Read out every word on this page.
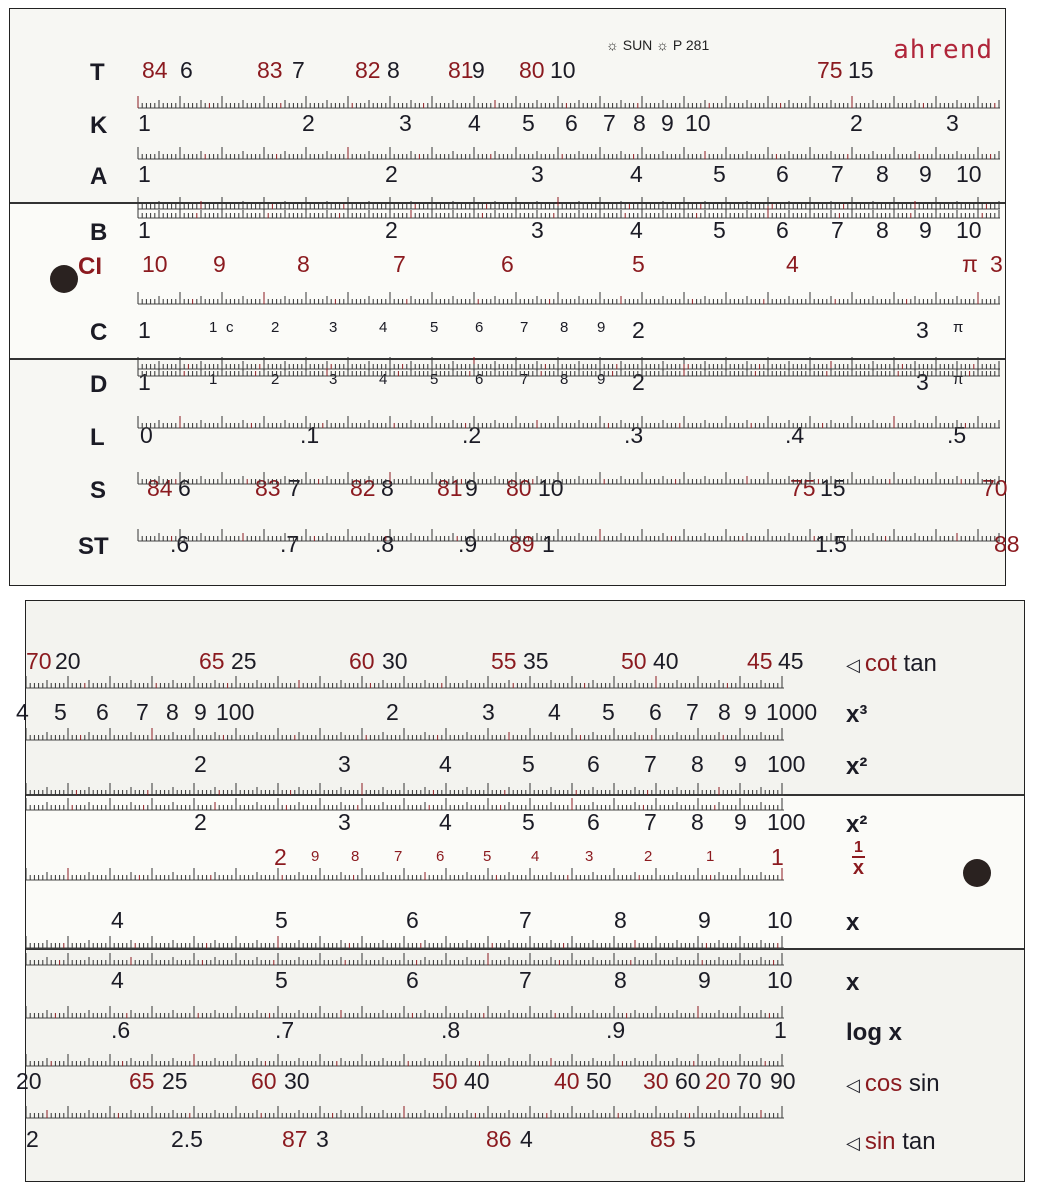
☼ SUN ☼ P 281	ahrend
T 84 6	83 7 82 8 81
9 80 10	75 15
K 1	2	3 4 5 6 7 8 9 10	2	3
A 1	2	3	4	5 6 7 8 9 10
B 1	2	3	4	5 6 7 8 9 10
CI 10 9	8	7	6	5	4	π 3
C 1	1 c	2	3	4	5 6 7 8 9 2	3 π
D 1	1	2	3	4	5 6 7 8 9 2	3 π
L 0	.1	.2	.3	.4	.5
S 84 6	83 7 82 8 81 9 80 10	75 15	70
ST	.6	.7	.8	.9 89 1	1.5	88
70 20	65 25	60 30	55 35	50 40	45 45 ◁ cot tan
4 5 6 7 8 9 100	2	3 4 5 6 7 8 9 1000 x³
2	3	4	5 6 7 8 9 100 x²
2	3	4	5 6 7 8 9 100 x²
2 9 8 7 6	5	4	3	2	1 1	$\frac{1}{x}$
4	5	6	7	8	9 10 x
4	5	6	7	8	9 10 x
.6	.7	.8	.9	1 log x
20	65 25	60 30	50 40	40 50 30 60 20 70 90	◁ cos sin
2	2.5	87 3	86 4	85 5	◁ sin tan
